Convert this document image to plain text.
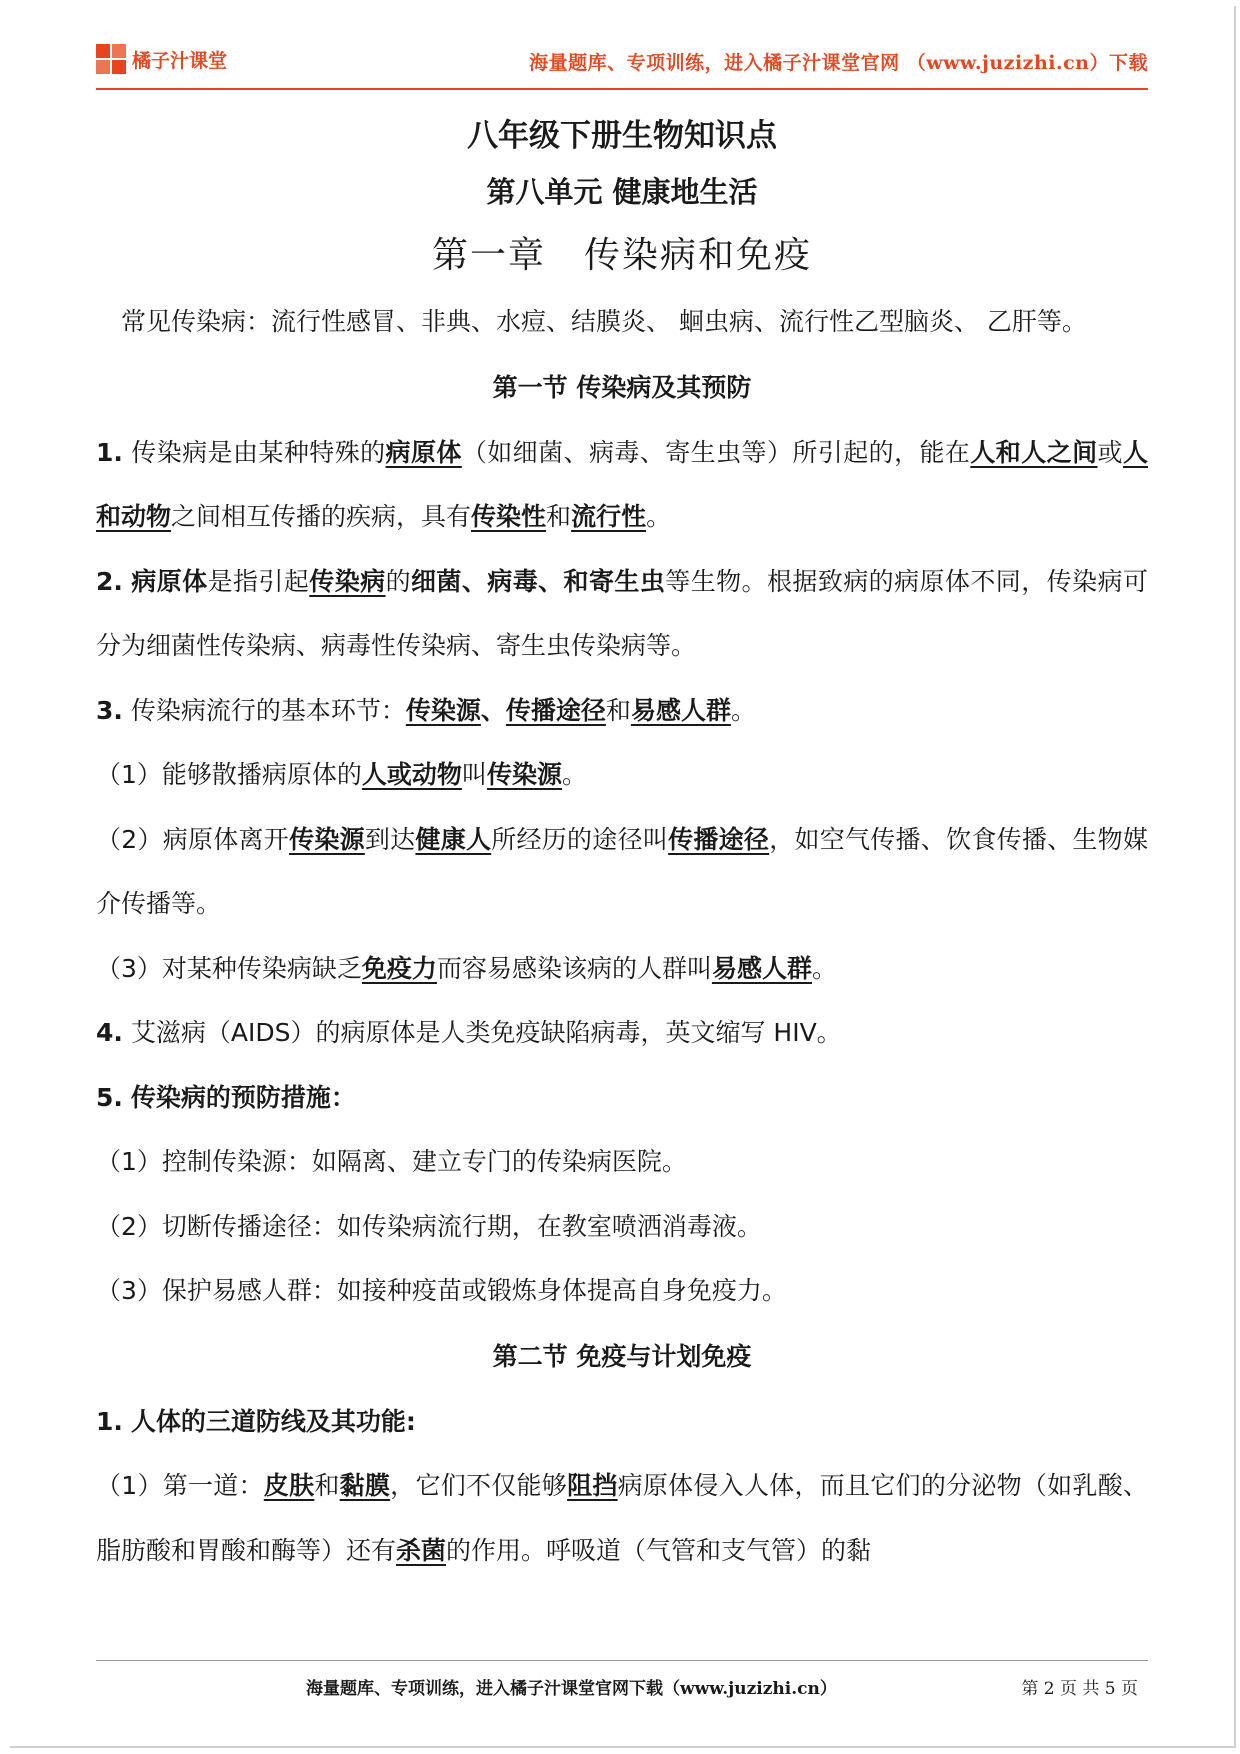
橘子汁课堂	海量题库、专项训练，进入橘子汁课堂官网 （www.juzizhi.cn）下载
八年级下册生物知识点
第八单元 健康地生活
第一章　传染病和免疫

常见传染病：流行性感冒、非典、水痘、结膜炎、 蛔虫病、流行性乙型脑炎、 乙肝等。

第一节 传染病及其预防

1. 传染病是由某种特殊的病原体（如细菌、病毒、寄生虫等）所引起的，能在人和人之间或人和动物之间相互传播的疾病，具有传染性和流行性。

2. 病原体是指引起传染病的细菌、病毒、和寄生虫等生物。根据致病的病原体不同，传染病可分为细菌性传染病、病毒性传染病、寄生虫传染病等。

3. 传染病流行的基本环节：传染源、传播途径和易感人群。

（1）能够散播病原体的人或动物叫传染源。

（2）病原体离开传染源到达健康人所经历的途径叫传播途径，如空气传播、饮食传播、生物媒介传播等。

（3）对某种传染病缺乏免疫力而容易感染该病的人群叫易感人群。

4. 艾滋病（AIDS）的病原体是人类免疫缺陷病毒，英文缩写 HIV。

5. 传染病的预防措施：

（1）控制传染源：如隔离、建立专门的传染病医院。

（2）切断传播途径：如传染病流行期，在教室喷洒消毒液。

（3）保护易感人群：如接种疫苗或锻炼身体提高自身免疫力。

第二节 免疫与计划免疫

1. 人体的三道防线及其功能:

（1）第一道：皮肤和黏膜，它们不仅能够阻挡病原体侵入人体，而且它们的分泌物（如乳酸、脂肪酸和胃酸和酶等）还有杀菌的作用。呼吸道（气管和支气管）的黏

海量题库、专项训练，进入橘子汁课堂官网下载（www.juzizhi.cn）	第 2 页 共 5 页
